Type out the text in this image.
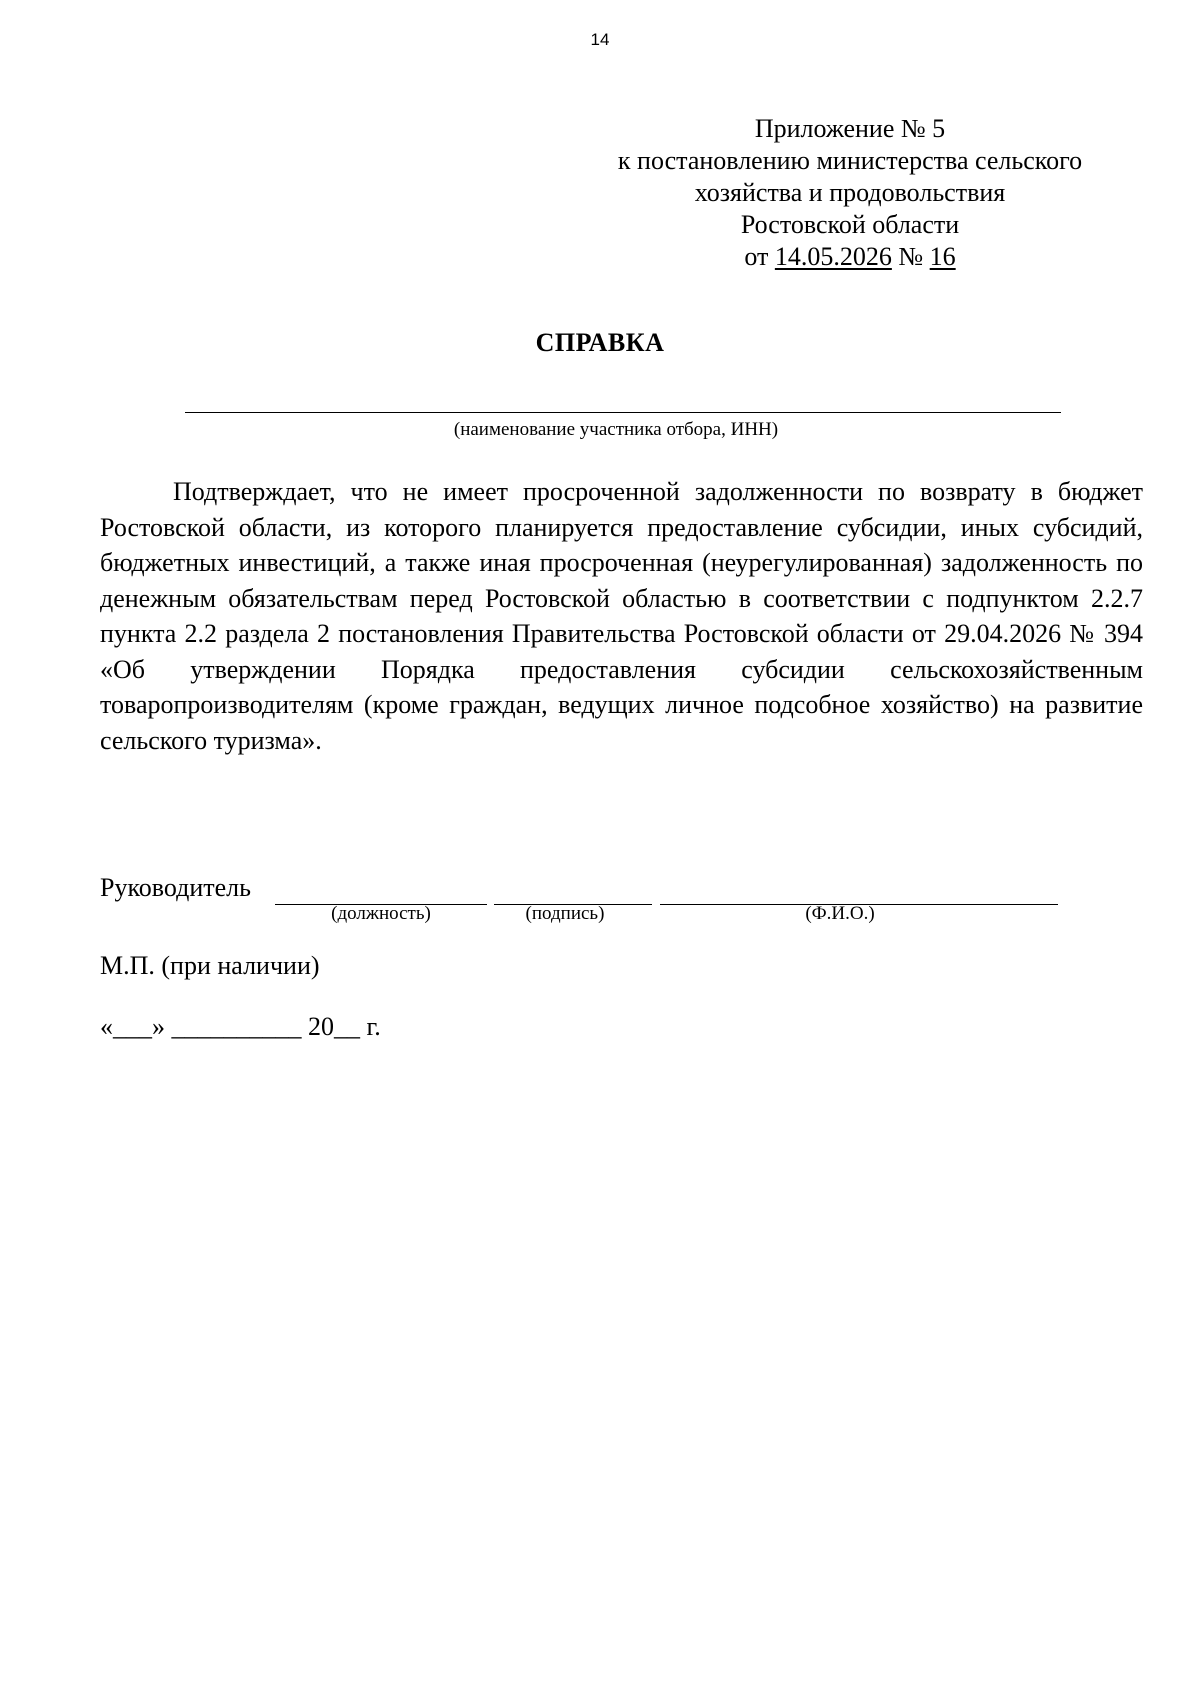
14
Приложение № 5
к постановлению министерства сельского
хозяйства и продовольствия
Ростовской области
от 14.05.2026 № 16
СПРАВКА
(наименование участника отбора, ИНН)

Подтверждает, что не имеет просроченной задолженности по возврату в бюджет Ростовской области, из которого планируется предоставление субсидии, иных субсидий, бюджетных инвестиций, а также иная просроченная (неурегулированная) задолженность по денежным обязательствам перед Ростовской областью в соответствии с подпунктом 2.2.7 пункта 2.2 раздела 2 постановления Правительства Ростовской области от 29.04.2026 № 394 «Об утверждении Порядка предоставления субсидии сельскохозяйственным товаропроизводителям (кроме граждан, ведущих личное подсобное хозяйство) на развитие сельского туризма».

Руководитель
(должность)	(подпись)	(Ф.И.О.)
М.П. (при наличии)
«___» __________ 20__ г.
